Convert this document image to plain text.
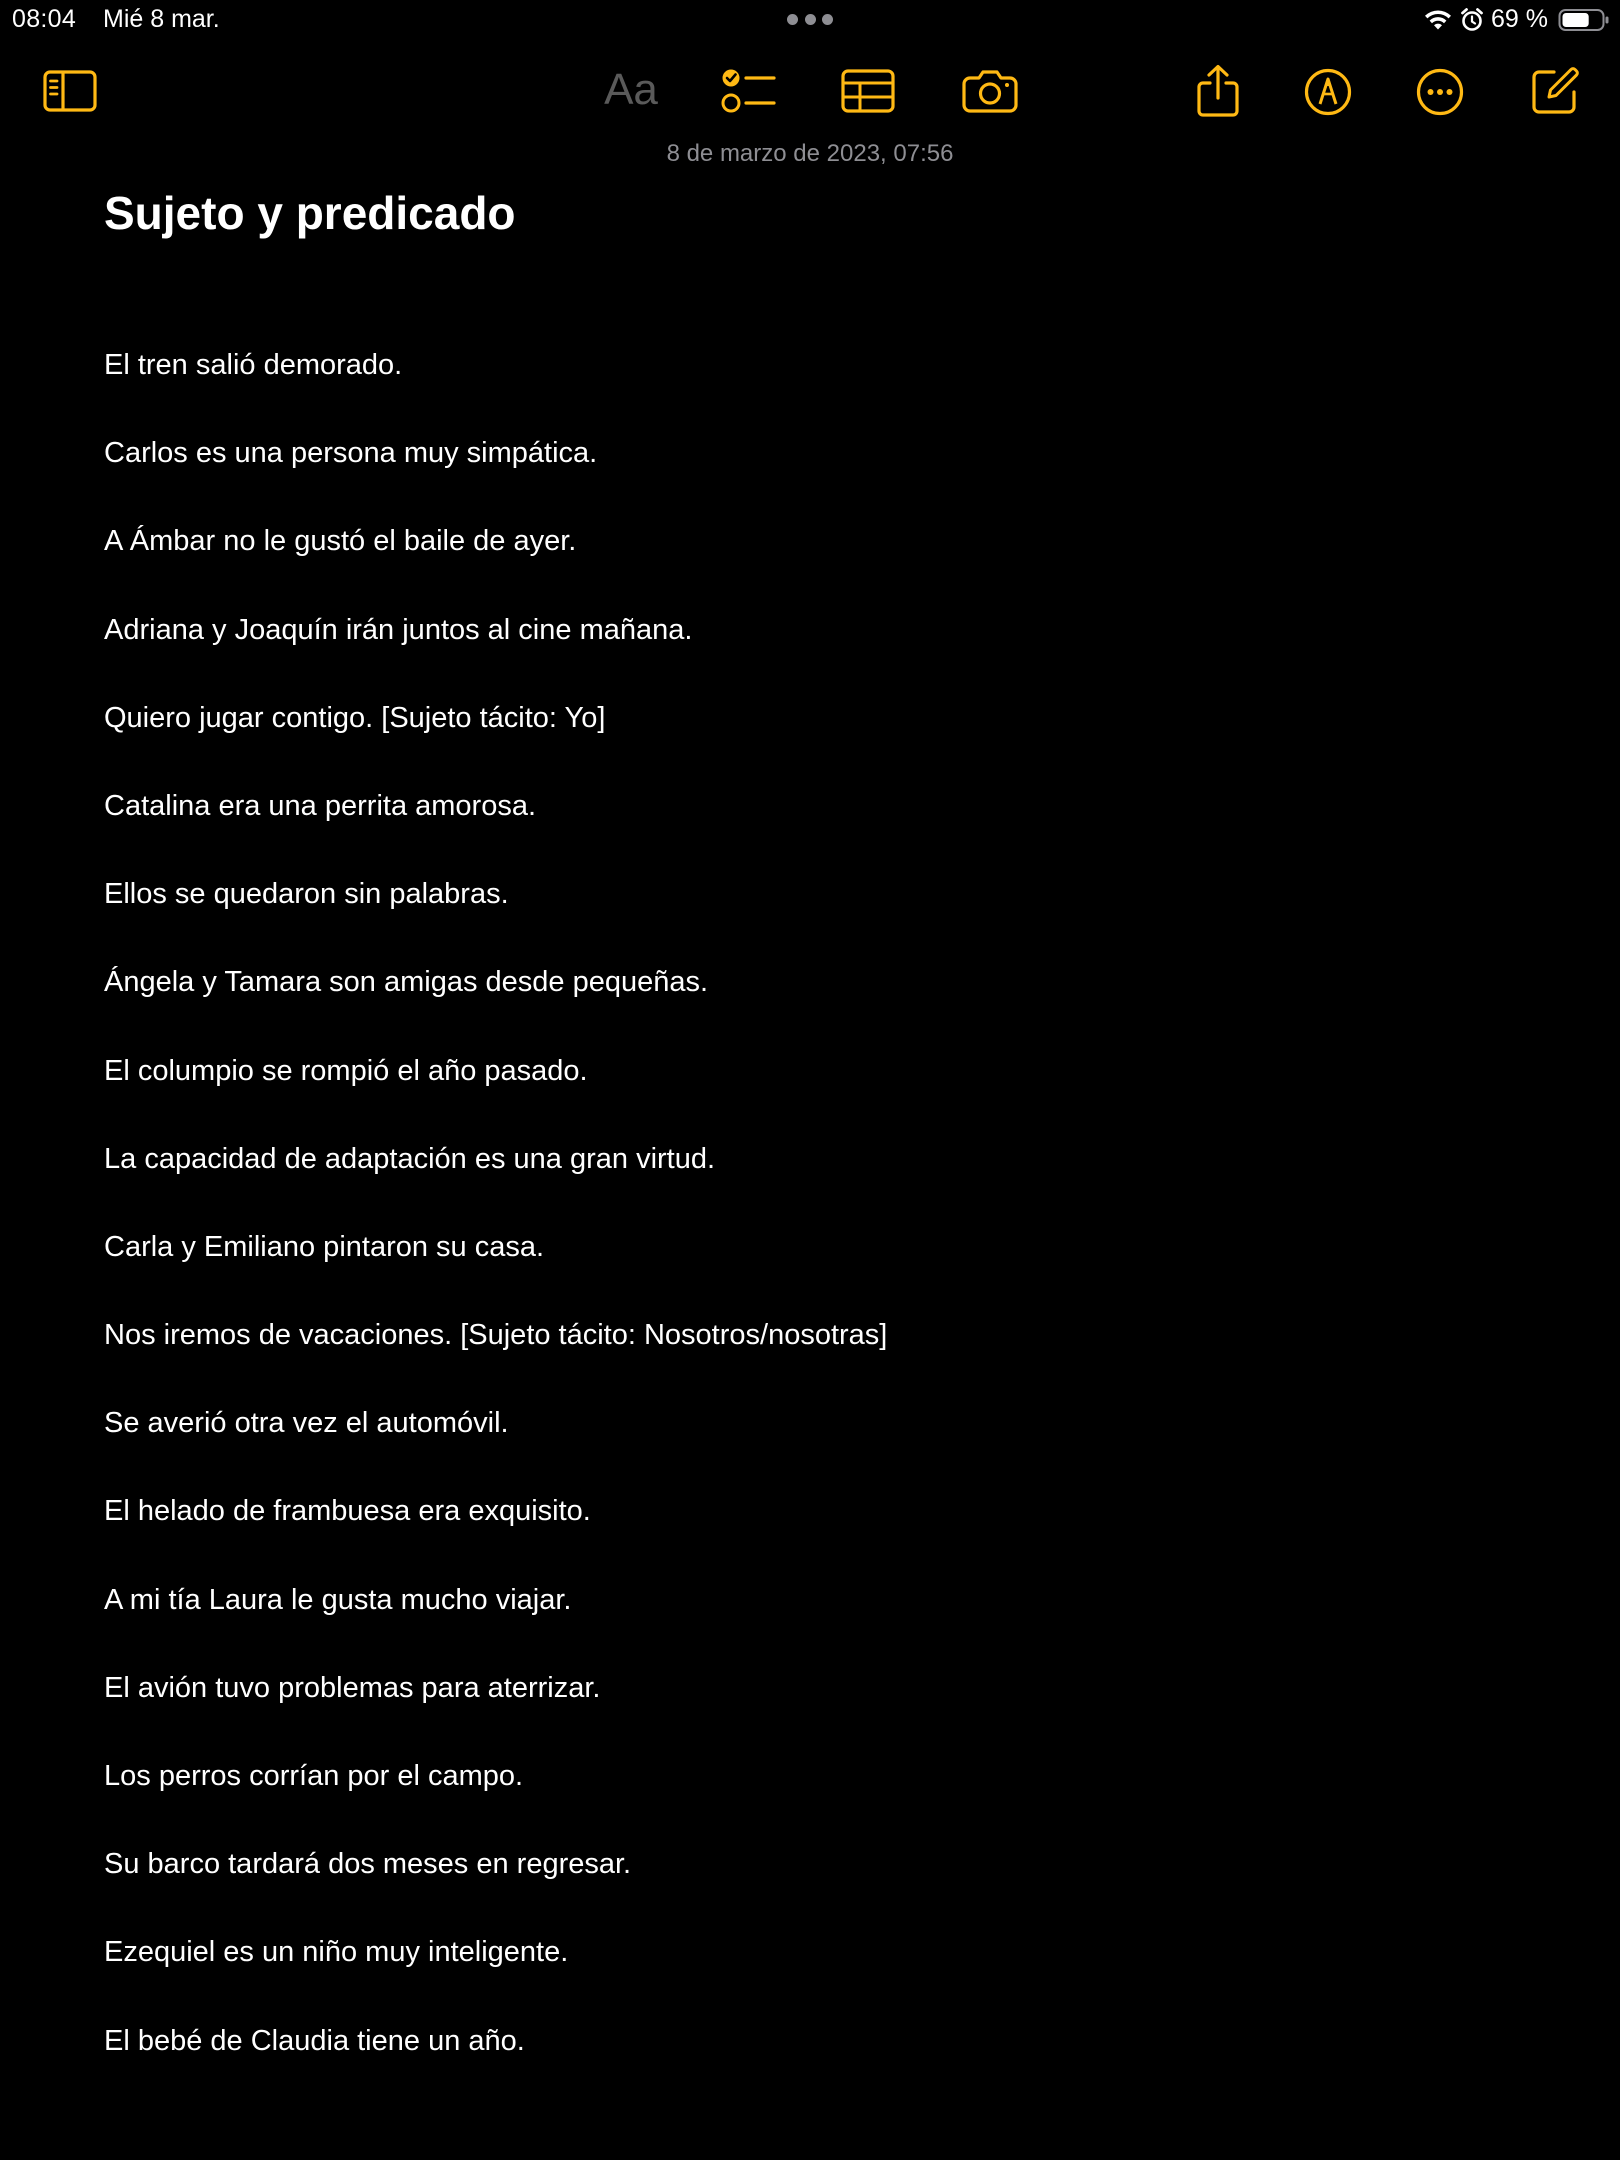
08:04 Mié 8 mar.	69 %
Aa
8 de marzo de 2023, 07:56
Sujeto y predicado
El tren salió demorado.
Carlos es una persona muy simpática.
A Ámbar no le gustó el baile de ayer.
Adriana y Joaquín irán juntos al cine mañana.
Quiero jugar contigo. [Sujeto tácito: Yo]
Catalina era una perrita amorosa.
Ellos se quedaron sin palabras.
Ángela y Tamara son amigas desde pequeñas.
El columpio se rompió el año pasado.
La capacidad de adaptación es una gran virtud.
Carla y Emiliano pintaron su casa.
Nos iremos de vacaciones. [Sujeto tácito: Nosotros/nosotras]
Se averió otra vez el automóvil.
El helado de frambuesa era exquisito.
A mi tía Laura le gusta mucho viajar.
El avión tuvo problemas para aterrizar.
Los perros corrían por el campo.
Su barco tardará dos meses en regresar.
Ezequiel es un niño muy inteligente.
El bebé de Claudia tiene un año.
